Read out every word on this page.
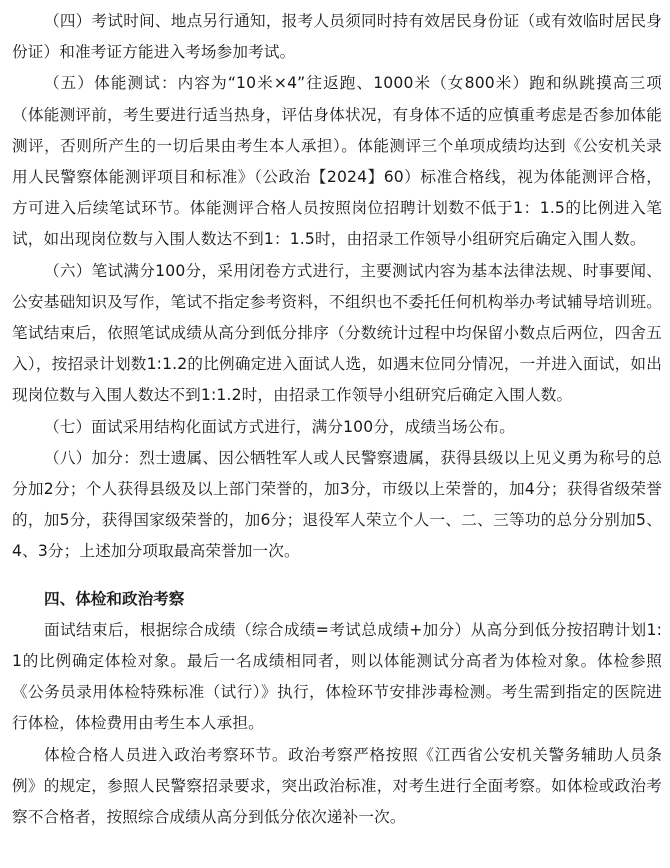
（四）考试时间、地点另行通知，报考人员须同时持有效居民身份证（或有效临时居民身份证）和准考证方能进入考场参加考试。

（五）体能测试：内容为“10米×4”往返跑、1000米（女800米）跑和纵跳摸高三项（体能测评前，考生要进行适当热身，评估身体状况，有身体不适的应慎重考虑是否参加体能测评，否则所产生的一切后果由考生本人承担）。体能测评三个单项成绩均达到《公安机关录用人民警察体能测评项目和标准》（公政治【2024】60）标准合格线，视为体能测评合格，方可进入后续笔试环节。体能测评合格人员按照岗位招聘计划数不低于1：1.5的比例进入笔试，如出现岗位数与入围人数达不到1：1.5时，由招录工作领导小组研究后确定入围人数。

（六）笔试满分100分，采用闭卷方式进行，主要测试内容为基本法律法规、时事要闻、公安基础知识及写作，笔试不指定参考资料，不组织也不委托任何机构举办考试辅导培训班。笔试结束后，依照笔试成绩从高分到低分排序（分数统计过程中均保留小数点后两位，四舍五入），按招录计划数1:1.2的比例确定进入面试人选，如遇末位同分情况，一并进入面试，如出现岗位数与入围人数达不到1:1.2时，由招录工作领导小组研究后确定入围人数。

（七）面试采用结构化面试方式进行，满分100分，成绩当场公布。

（八）加分：烈士遗属、因公牺牲军人或人民警察遗属，获得县级以上见义勇为称号的总分加2分；个人获得县级及以上部门荣誉的，加3分，市级以上荣誉的，加4分；获得省级荣誉的，加5分，获得国家级荣誉的，加6分；退役军人荣立个人一、二、三等功的总分分别加5、4、3分；上述加分项取最高荣誉加一次。

四、体检和政治考察

面试结束后，根据综合成绩（综合成绩=考试总成绩+加分）从高分到低分按招聘计划1:1的比例确定体检对象。最后一名成绩相同者，则以体能测试分高者为体检对象。体检参照《公务员录用体检特殊标准（试行）》执行，体检环节安排涉毒检测。考生需到指定的医院进行体检，体检费用由考生本人承担。

体检合格人员进入政治考察环节。政治考察严格按照《江西省公安机关警务辅助人员条例》的规定，参照人民警察招录要求，突出政治标准，对考生进行全面考察。如体检或政治考察不合格者，按照综合成绩从高分到低分依次递补一次。
